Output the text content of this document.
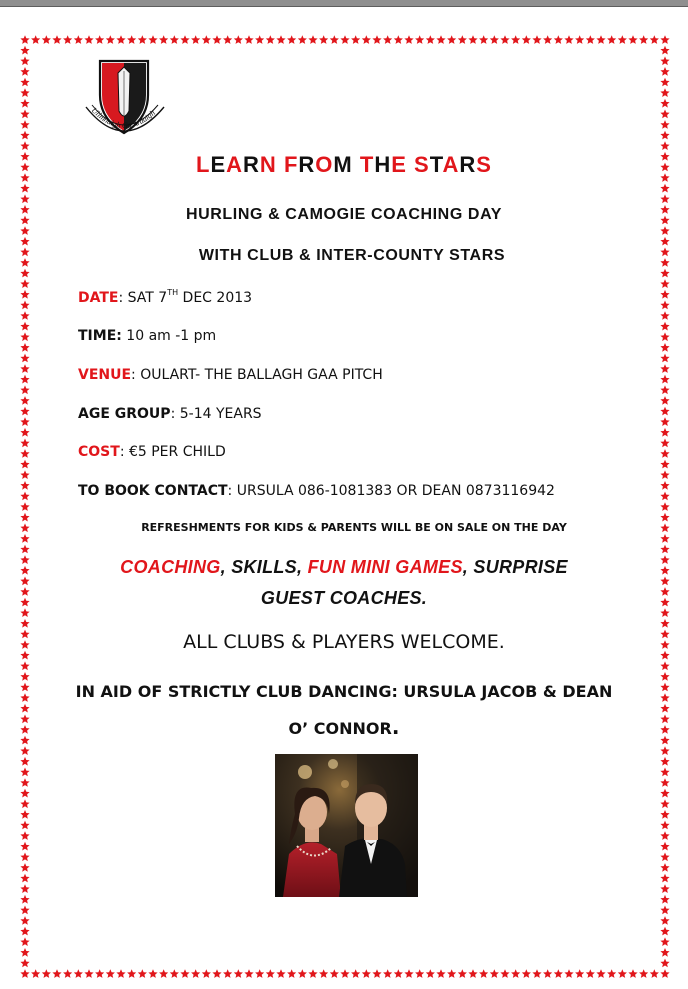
Ullmhaigh Go Ardaigh
LEARN FROM THE STARS
HURLING & CAMOGIE COACHING DAY
WITH CLUB & INTER-COUNTY STARS
DATE: SAT 7TH DEC 2013
TIME: 10 am -1 pm
VENUE: OULART- THE BALLAGH GAA PITCH
AGE GROUP: 5-14 YEARS
COST: €5 PER CHILD
TO BOOK CONTACT: URSULA 086-1081383 OR DEAN 0873116942
REFRESHMENTS FOR KIDS & PARENTS WILL BE ON SALE ON THE DAY
COACHING, SKILLS, FUN MINI GAMES, SURPRISE
GUEST COACHES.
ALL CLUBS & PLAYERS WELCOME.
IN AID OF STRICTLY CLUB DANCING: URSULA JACOB & DEAN
O’ CONNOR.
